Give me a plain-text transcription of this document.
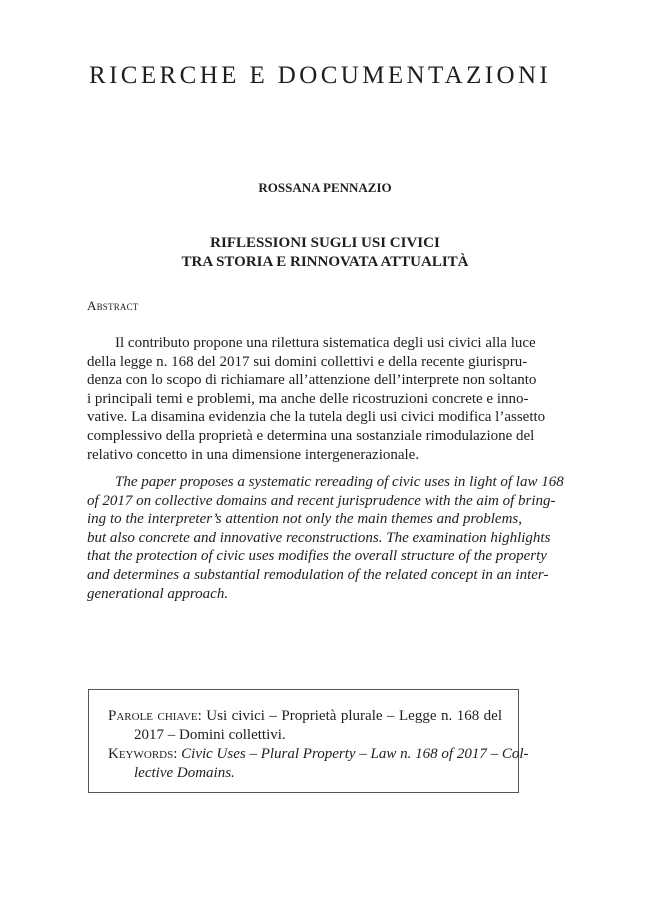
RICERCHE E DOCUMENTAZIONI
ROSSANA PENNAZIO
RIFLESSIONI SUGLI USI CIVICI
TRA STORIA E RINNOVATA ATTUALITÀ
Abstract
Il contributo propone una rilettura sistematica degli usi civici alla luce
della legge n. 168 del 2017 sui domini collettivi e della recente giurispru-
denza con lo scopo di richiamare all’attenzione dell’interprete non soltanto
i principali temi e problemi, ma anche delle ricostruzioni concrete e inno-
vative. La disamina evidenzia che la tutela degli usi civici modifica l’assetto
complessivo della proprietà e determina una sostanziale rimodulazione del
relativo concetto in una dimensione intergenerazionale.
The paper proposes a systematic rereading of civic uses in light of law 168
of 2017 on collective domains and recent jurisprudence with the aim of bring-
ing to the interpreter’s attention not only the main themes and problems,
but also concrete and innovative reconstructions. The examination highlights
that the protection of civic uses modifies the overall structure of the property
and determines a substantial remodulation of the related concept in an inter-
generational approach.
Parole chiave: Usi civici – Proprietà plurale – Legge n. 168 del
2017 – Domini collettivi.
Keywords: Civic Uses – Plural Property – Law n. 168 of 2017 – Col-
lective Domains.
